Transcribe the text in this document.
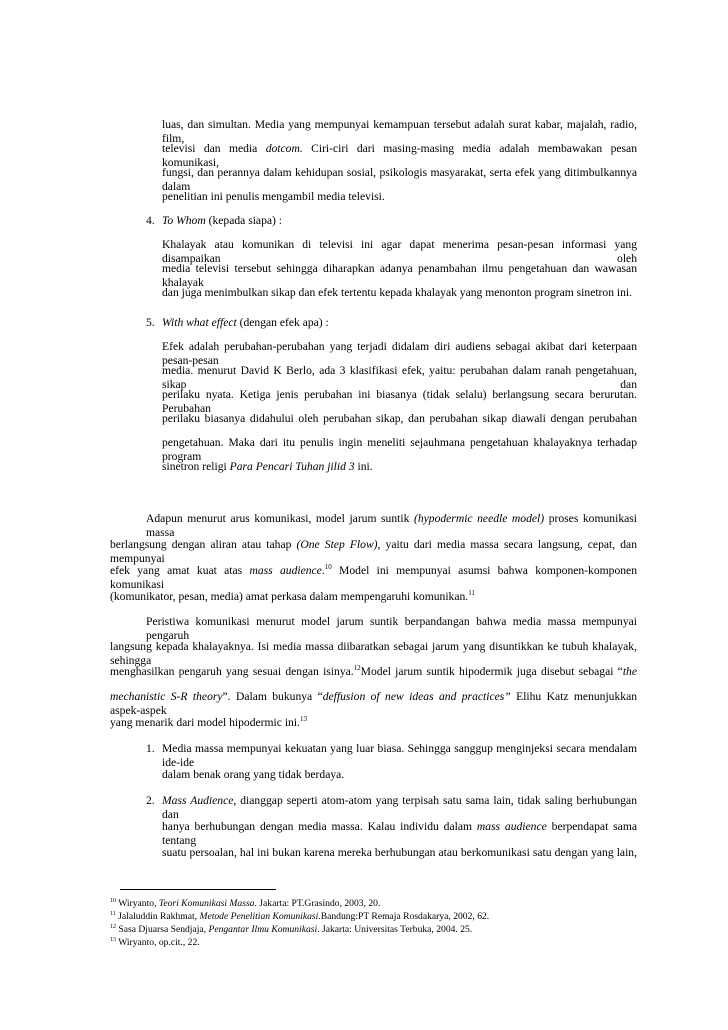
luas, dan simultan. Media yang mempunyai kemampuan tersebut adalah surat kabar, majalah, radio, film,
televisi dan media dotcom. Ciri-ciri dari masing-masing media adalah membawakan pesan komunikasi,
fungsi, dan perannya dalam kehidupan sosial, psikologis masyarakat, serta efek yang ditimbulkannya dalam
penelitian ini penulis mengambil media televisi.
4. To Whom (kepada siapa) :
Khalayak atau komunikan di televisi ini agar dapat menerima pesan-pesan informasi yang disampaikan oleh
media televisi tersebut sehingga diharapkan adanya penambahan ilmu pengetahuan dan wawasan khalayak
dan juga menimbulkan sikap dan efek tertentu kepada khalayak yang menonton program sinetron ini.
5. With what effect (dengan efek apa) :
Efek adalah perubahan-perubahan yang terjadi didalam diri audiens sebagai akibat dari keterpaan pesan-pesan
media. menurut David K Berlo, ada 3 klasifikasi efek, yaitu: perubahan dalam ranah pengetahuan, sikap dan
perilaku nyata. Ketiga jenis perubahan ini biasanya (tidak selalu) berlangsung secara berurutan. Perubahan
perilaku biasanya didahului oleh perubahan sikap, dan perubahan sikap diawali dengan perubahan
pengetahuan. Maka dari itu penulis ingin meneliti sejauhmana pengetahuan khalayaknya terhadap program
sinetron religi Para Pencari Tuhan jilid 3 ini.
Adapun menurut arus komunikasi, model jarum suntik (hypodermic needle model) proses komunikasi massa
berlangsung dengan aliran atau tahap (One Step Flow), yaitu dari media massa secara langsung, cepat, dan mempunyai
efek yang amat kuat atas mass audience.$^{10}$ Model ini mempunyai asumsi bahwa komponen-komponen komunikasi
(komunikator, pesan, media) amat perkasa dalam mempengaruhi komunikan.$^{11}$
Peristiwa komunikasi menurut model jarum suntik berpandangan bahwa media massa mempunyai pengaruh
langsung kepada khalayaknya. Isi media massa diibaratkan sebagai jarum yang disuntikkan ke tubuh khalayak, sehingga
menghasilkan pengaruh yang sesuai dengan isinya.$^{12}$Model jarum suntik hipodermik juga disebut sebagai “the
mechanistic S-R theory”. Dalam bukunya “deffusion of new ideas and practices” Elihu Katz menunjukkan aspek-aspek
yang menarik dari model hipodermic ini.$^{13}$
1. Media massa mempunyai kekuatan yang luar biasa. Sehingga sanggup menginjeksi secara mendalam ide-ide
dalam benak orang yang tidak berdaya.
2. Mass Audience, dianggap seperti atom-atom yang terpisah satu sama lain, tidak saling berhubungan dan
hanya berhubungan dengan media massa. Kalau individu dalam mass audience berpendapat sama tentang
suatu persoalan, hal ini bukan karena mereka berhubungan atau berkomunikasi satu dengan yang lain,
$^{10}$ Wiryanto, Teori Komunikasi Massa. Jakarta: PT.Grasindo, 2003, 20.
$^{11}$ Jalaluddin Rakhmat, Metode Penelitian Komunikasi.Bandung:PT Remaja Rosdakarya, 2002, 62.
$^{12}$ Sasa Djuarsa Sendjaja, Pengantar Ilmu Komunikasi. Jakarta: Universitas Terbuka, 2004. 25.
$^{13}$ Wiryanto, op.cit., 22.
